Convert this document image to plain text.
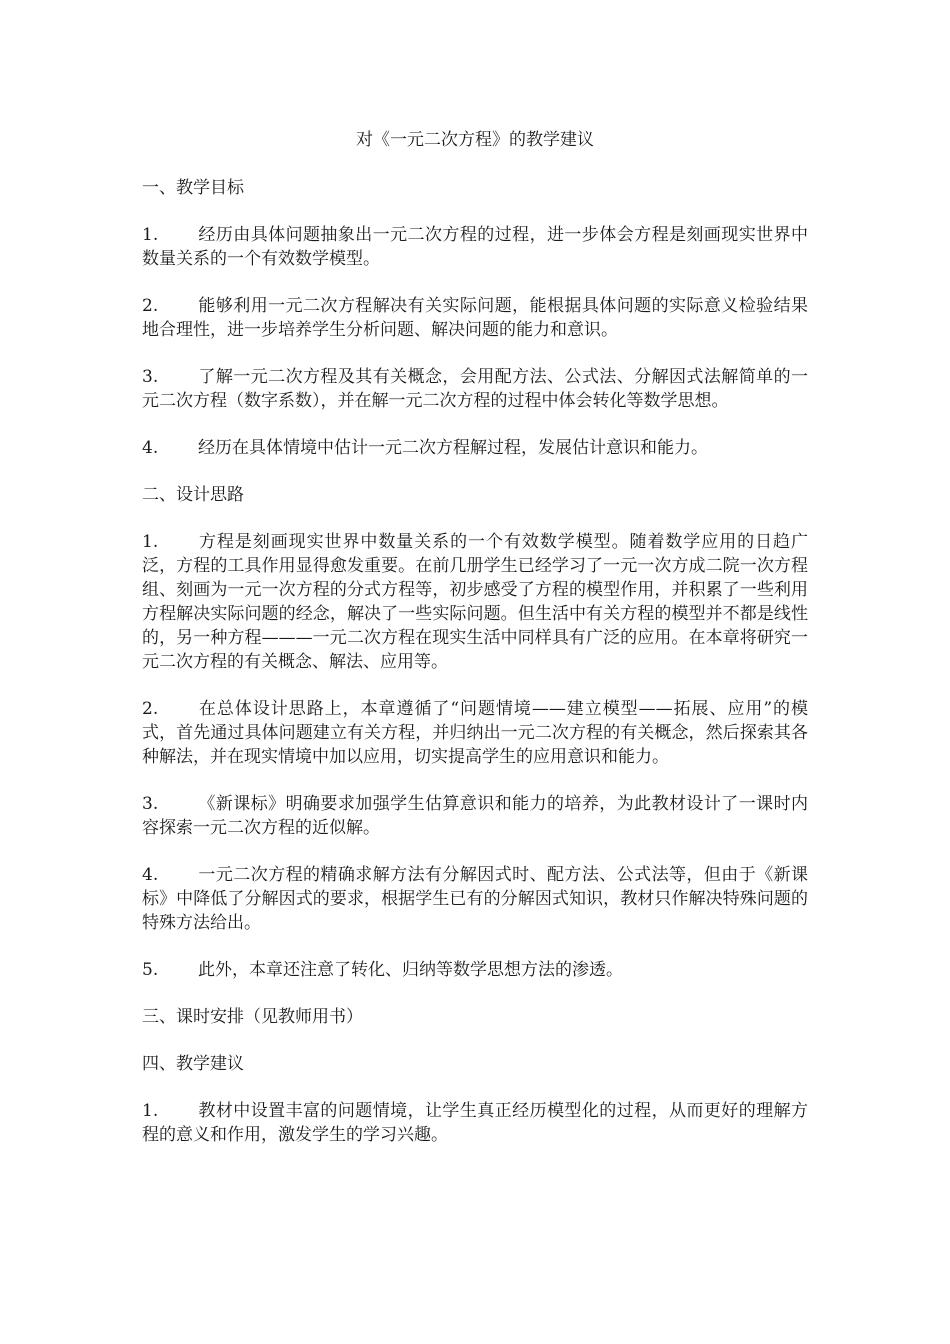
对《一元二次方程》的教学建议
一、教学目标
1. 经历由具体问题抽象出一元二次方程的过程，进一步体会方程是刻画现实世界中数量关系的一个有效数学模型。
2. 能够利用一元二次方程解决有关实际问题，能根据具体问题的实际意义检验结果地合理性，进一步培养学生分析问题、解决问题的能力和意识。
3. 了解一元二次方程及其有关概念，会用配方法、公式法、分解因式法解简单的一元二次方程（数字系数），并在解一元二次方程的过程中体会转化等数学思想。
4. 经历在具体情境中估计一元二次方程解过程，发展估计意识和能力。
二、设计思路
1. 方程是刻画现实世界中数量关系的一个有效数学模型。随着数学应用的日趋广泛，方程的工具作用显得愈发重要。在前几册学生已经学习了一元一次方成二院一次方程组、刻画为一元一次方程的分式方程等，初步感受了方程的模型作用，并积累了一些利用方程解决实际问题的经念，解决了一些实际问题。但生活中有关方程的模型并不都是线性的，另一种方程———一元二次方程在现实生活中同样具有广泛的应用。在本章将研究一元二次方程的有关概念、解法、应用等。
2. 在总体设计思路上，本章遵循了“问题情境——建立模型——拓展、应用”的模式，首先通过具体问题建立有关方程，并归纳出一元二次方程的有关概念，然后探索其各种解法，并在现实情境中加以应用，切实提高学生的应用意识和能力。
3. 《新课标》明确要求加强学生估算意识和能力的培养，为此教材设计了一课时内容探索一元二次方程的近似解。
4. 一元二次方程的精确求解方法有分解因式时、配方法、公式法等，但由于《新课标》中降低了分解因式的要求，根据学生已有的分解因式知识，教材只作解决特殊问题的特殊方法给出。
5. 此外，本章还注意了转化、归纳等数学思想方法的渗透。
三、课时安排（见教师用书）
四、教学建议
1. 教材中设置丰富的问题情境，让学生真正经历模型化的过程，从而更好的理解方程的意义和作用，激发学生的学习兴趣。
